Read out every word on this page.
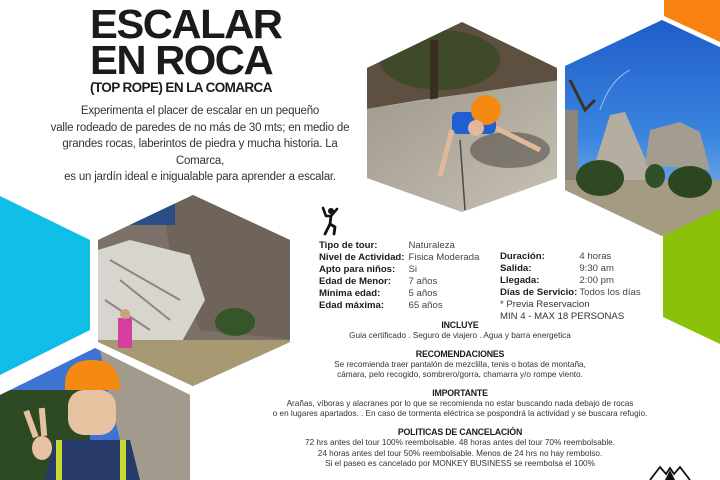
ESCALAR
EN ROCA
(TOP ROPE) EN LA COMARCA
Experimenta el placer de escalar en un pequeño
valle rodeado de paredes de no más de 30 mts; en medio de
grandes rocas, laberintos de piedra y mucha historia. La Comarca,
es un jardín ideal e inigualable para aprender a escalar.
Tipo de tour:	Naturaleza
Nivel de Actividad:	Fisica Moderada
Apto para niños:	Si
Edad de Menor:	7 años
Mínima edad:	5 años
Edad máxima:	65 años
Duración:	4 horas
Salida:	9:30 am
Llegada:	2:00 pm
Días de Servicio:	Todos los días
* Previa Reservacion
MIN 4 - MAX 18 PERSONAS
INCLUYE

Guia certificado . Seguro de viajero . Agua y barra energetica

RECOMENDACIONES

Se recomienda traer pantalón de mezclilla, tenis o botas de montaña,
cámara, pelo recogido, sombrero/gorra, chamarra y/o rompe viento.

IMPORTANTE

Arañas, víboras y alacranes por lo que se recomienda no estar buscando nada debajo de rocas
o en lugares apartados. . En caso de tormenta eléctrica se pospondrá la actividad y se buscara refugio.

POLITICAS DE CANCELACIÓN

72 hrs antes del tour 100% reembolsable. 48 horas antes del tour 70% reembolsable.
24 horas antes del tour 50% reembolsable. Menos de 24 hrs no hay rembolso.
Si el paseo es cancelado por MONKEY BUSINESS se reembolsa el 100%
